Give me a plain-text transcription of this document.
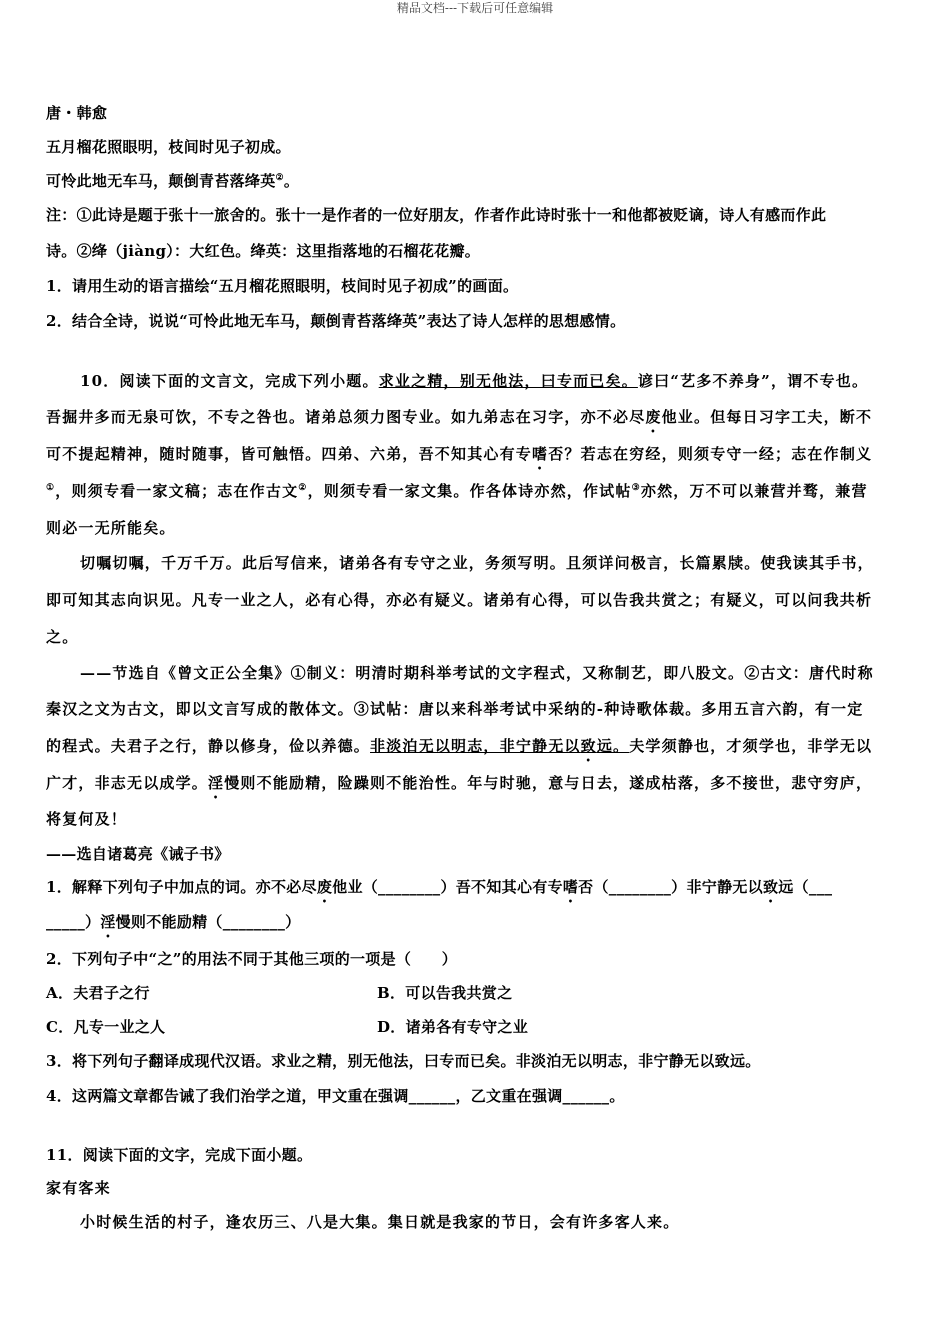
精品文档---下载后可任意编辑
唐・韩愈
五月榴花照眼明，枝间时见子初成。
可怜此地无车马，颠倒青苔落绛英②。
注：①此诗是题于张十一旅舍的。张十一是作者的一位好朋友，作者作此诗时张十一和他都被贬谪，诗人有感而作此
诗。②绛（jiàng）：大红色。绛英：这里指落地的石榴花花瓣。
1．请用生动的语言描绘“五月榴花照眼明，枝间时见子初成”的画面。
2．结合全诗，说说“可怜此地无车马，颠倒青苔落绛英”表达了诗人怎样的思想感情。
10．阅读下面的文言文，完成下列小题。求业之精，别无他法，曰专而已矣。谚曰“艺多不养身”，谓不专也。
吾掘井多而无泉可饮，不专之咎也。诸弟总须力图专业。如九弟志在习字，亦不必尽废他业。但每日习字工夫，断不
可不提起精神，随时随事，皆可触悟。四弟、六弟，吾不知其心有专嗜否？若志在穷经，则须专守一经；志在作制义
①，则须专看一家文稿；志在作古文②，则须专看一家文集。作各体诗亦然，作试帖③亦然，万不可以兼营并骛，兼营
则必一无所能矣。
切嘱切嘱，千万千万。此后写信来，诸弟各有专守之业，务须写明。且须详问极言，长篇累牍。使我读其手书，
即可知其志向识见。凡专一业之人，必有心得，亦必有疑义。诸弟有心得，可以告我共赏之；有疑义，可以问我共析
之。
——节选自《曾文正公全集》①制义：明清时期科举考试的文字程式，又称制艺，即八股文。②古文：唐代时称
秦汉之文为古文，即以文言写成的散体文。③试帖：唐以来科举考试中采纳的-种诗歌体裁。多用五言六韵，有一定
的程式。夫君子之行，静以修身，俭以养德。非淡泊无以明志，非宁静无以致远。夫学须静也，才须学也，非学无以
广才，非志无以成学。淫慢则不能励精，险躁则不能治性。年与时驰，意与日去，遂成枯落，多不接世，悲守穷庐，
将复何及！
——选自诸葛亮《诫子书》
1．解释下列句子中加点的词。亦不必尽废他业（________）吾不知其心有专嗜否（________）非宁静无以致远（___
_____）淫慢则不能励精（________）
2．下列句子中“之”的用法不同于其他三项的一项是（　　）
A．夫君子之行	B．可以告我共赏之
C．凡专一业之人	D．诸弟各有专守之业
3．将下列句子翻译成现代汉语。求业之精，别无他法，曰专而已矣。非淡泊无以明志，非宁静无以致远。
4．这两篇文章都告诫了我们治学之道，甲文重在强调______，乙文重在强调______。
11．阅读下面的文字，完成下面小题。
家有客来
小时候生活的村子，逢农历三、八是大集。集日就是我家的节日，会有许多客人来。
